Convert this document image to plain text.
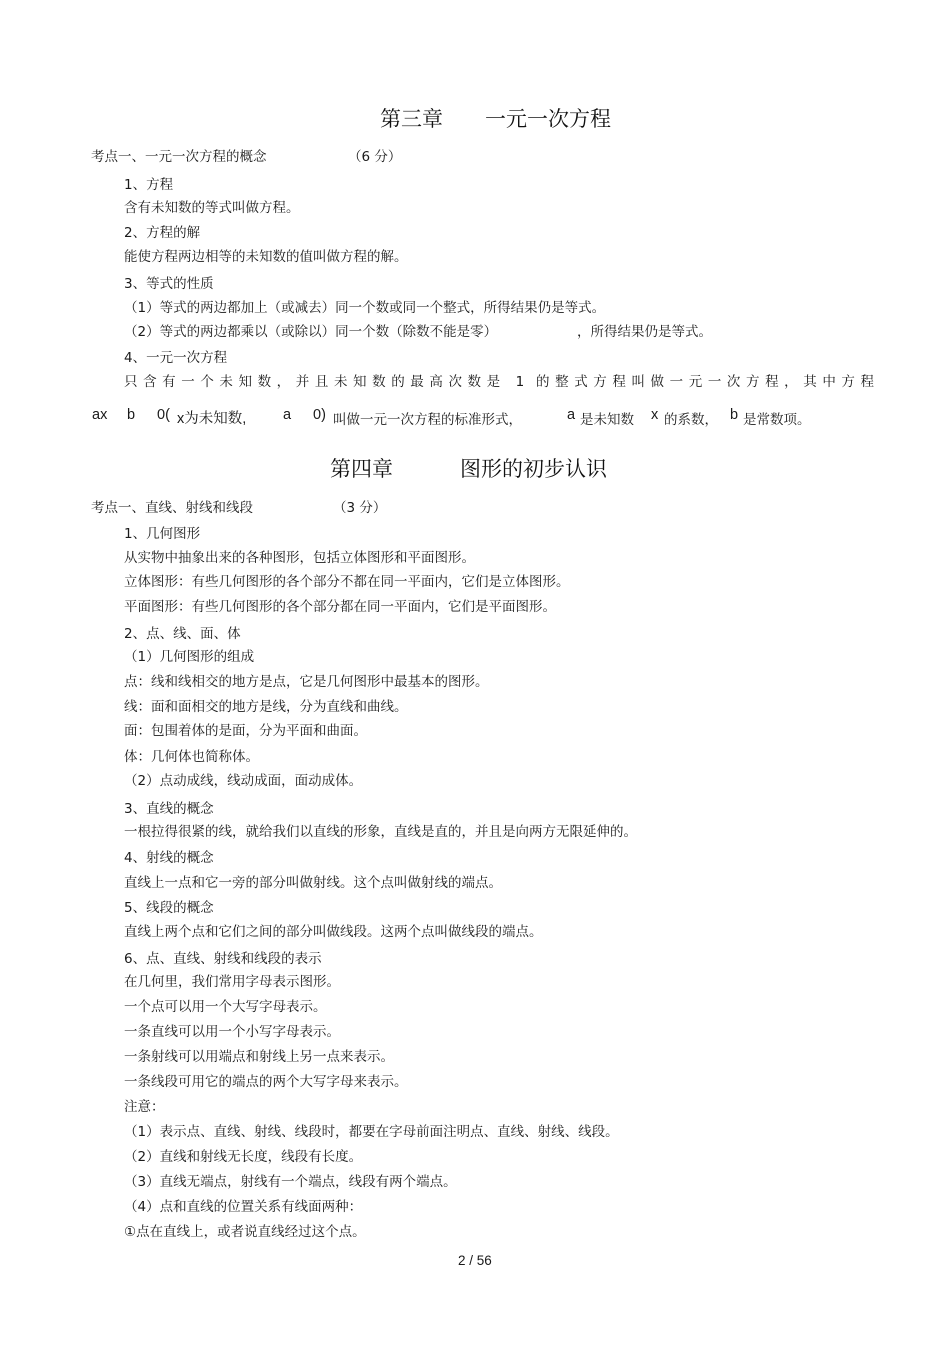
第三章 一元一次方程
考点一、一元一次方程的概念	（6 分）
1、方程
含有未知数的等式叫做方程。
2、方程的解
能使方程两边相等的未知数的值叫做方程的解。
3、等式的性质
（1）等式的两边都加上（或减去）同一个数或同一个整式，所得结果仍是等式。
（2）等式的两边都乘以（或除以）同一个数（除数不能是零）	，所得结果仍是等式。
4、一元一次方程
只含有一个未知数，并且未知数的最高次数是 1 的整式方程叫做一元一次方程，其中方程
ax b 0( x为未知数,	a 0) 叫做一元一次方程的标准形式，	a 是未知数 x 的系数， b 是常数项。
第四章	图形的初步认识
考点一、直线、射线和线段	（3 分）
1、几何图形
从实物中抽象出来的各种图形，包括立体图形和平面图形。
立体图形：有些几何图形的各个部分不都在同一平面内，它们是立体图形。
平面图形：有些几何图形的各个部分都在同一平面内，它们是平面图形。
2、点、线、面、体
（1）几何图形的组成
点：线和线相交的地方是点，它是几何图形中最基本的图形。
线：面和面相交的地方是线，分为直线和曲线。
面：包围着体的是面，分为平面和曲面。
体：几何体也简称体。
（2）点动成线，线动成面，面动成体。
3、直线的概念
一根拉得很紧的线，就给我们以直线的形象，直线是直的，并且是向两方无限延伸的。
4、射线的概念
直线上一点和它一旁的部分叫做射线。这个点叫做射线的端点。
5、线段的概念
直线上两个点和它们之间的部分叫做线段。这两个点叫做线段的端点。
6、点、直线、射线和线段的表示
在几何里，我们常用字母表示图形。
一个点可以用一个大写字母表示。
一条直线可以用一个小写字母表示。
一条射线可以用端点和射线上另一点来表示。
一条线段可用它的端点的两个大写字母来表示。
注意：
（1）表示点、直线、射线、线段时，都要在字母前面注明点、直线、射线、线段。
（2）直线和射线无长度，线段有长度。
（3）直线无端点，射线有一个端点，线段有两个端点。
（4）点和直线的位置关系有线面两种：
①点在直线上，或者说直线经过这个点。
2 / 56
